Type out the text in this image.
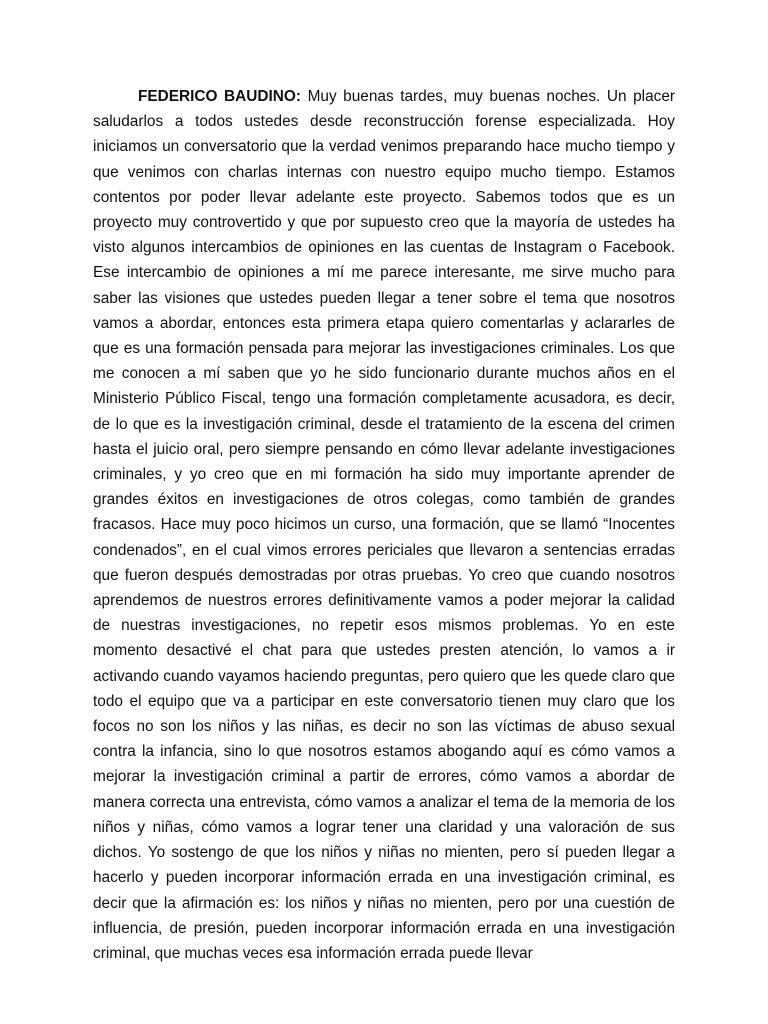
FEDERICO BAUDINO: Muy buenas tardes, muy buenas noches. Un placer saludarlos a todos ustedes desde reconstrucción forense especializada. Hoy iniciamos un conversatorio que la verdad venimos preparando hace mucho tiempo y que venimos con charlas internas con nuestro equipo mucho tiempo. Estamos contentos por poder llevar adelante este proyecto. Sabemos todos que es un proyecto muy controvertido y que por supuesto creo que la mayoría de ustedes ha visto algunos intercambios de opiniones en las cuentas de Instagram o Facebook. Ese intercambio de opiniones a mí me parece interesante, me sirve mucho para saber las visiones que ustedes pueden llegar a tener sobre el tema que nosotros vamos a abordar, entonces esta primera etapa quiero comentarlas y aclararles de que es una formación pensada para mejorar las investigaciones criminales. Los que me conocen a mí saben que yo he sido funcionario durante muchos años en el Ministerio Público Fiscal, tengo una formación completamente acusadora, es decir, de lo que es la investigación criminal, desde el tratamiento de la escena del crimen hasta el juicio oral, pero siempre pensando en cómo llevar adelante investigaciones criminales, y yo creo que en mi formación ha sido muy importante aprender de grandes éxitos en investigaciones de otros colegas, como también de grandes fracasos. Hace muy poco hicimos un curso, una formación, que se llamó “Inocentes condenados”, en el cual vimos errores periciales que llevaron a sentencias erradas que fueron después demostradas por otras pruebas. Yo creo que cuando nosotros aprendemos de nuestros errores definitivamente vamos a poder mejorar la calidad de nuestras investigaciones, no repetir esos mismos problemas. Yo en este momento desactivé el chat para que ustedes presten atención, lo vamos a ir activando cuando vayamos haciendo preguntas, pero quiero que les quede claro que todo el equipo que va a participar en este conversatorio tienen muy claro que los focos no son los niños y las niñas, es decir no son las víctimas de abuso sexual contra la infancia, sino lo que nosotros estamos abogando aquí es cómo vamos a mejorar la investigación criminal a partir de errores, cómo vamos a abordar de manera correcta una entrevista, cómo vamos a analizar el tema de la memoria de los niños y niñas, cómo vamos a lograr tener una claridad y una valoración de sus dichos. Yo sostengo de que los niños y niñas no mienten, pero sí pueden llegar a hacerlo y pueden incorporar información errada en una investigación criminal, es decir que la afirmación es: los niños y niñas no mienten, pero por una cuestión de influencia, de presión, pueden incorporar información errada en una investigación criminal, que muchas veces esa información errada puede llevar
